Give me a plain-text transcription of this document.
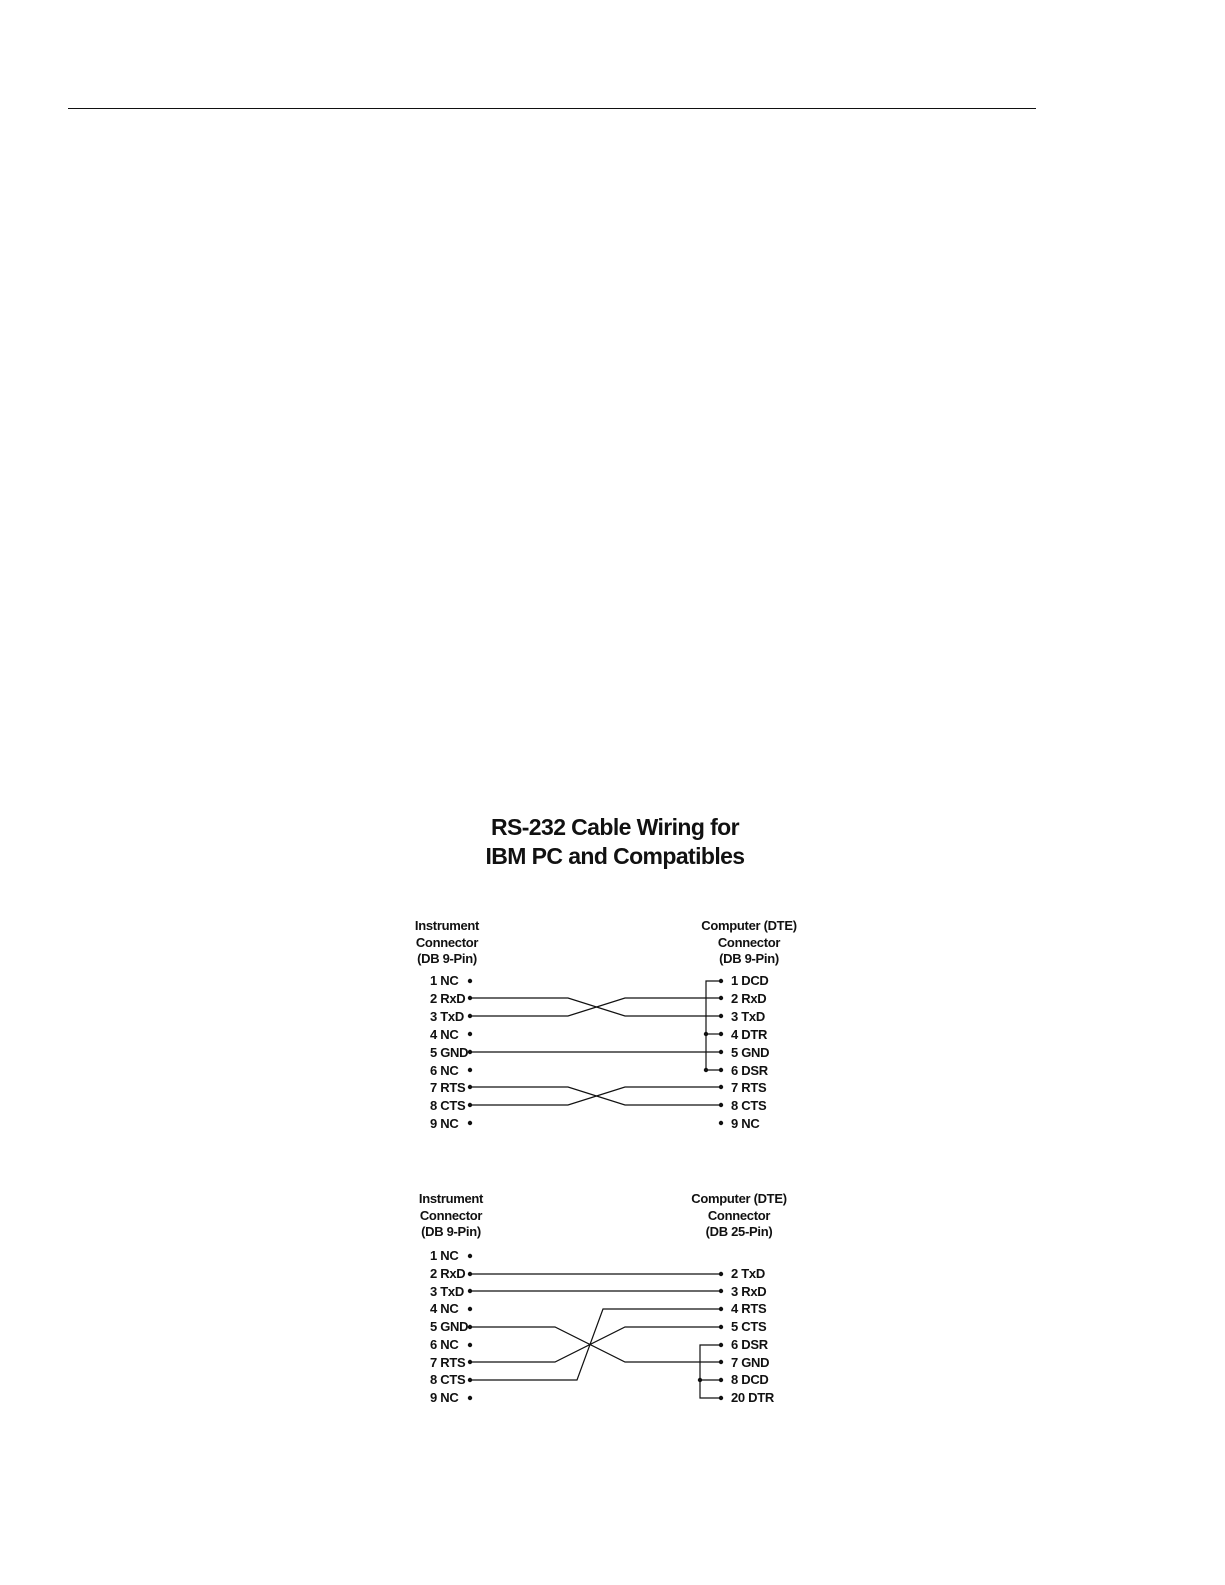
RS-232 Cable Wiring for
IBM PC and Compatibles
Instrument
Connector
(DB 9-Pin)
Computer (DTE)
Connector
(DB 9-Pin)
1 NC
2 RxD
3 TxD
4 NC
5 GND
6 NC
7 RTS
8 CTS
9 NC
1 DCD
2 RxD
3 TxD
4 DTR
5 GND
6 DSR
7 RTS
8 CTS
9 NC
Instrument
Connector
(DB 9-Pin)
Computer (DTE)
Connector
(DB 25-Pin)
1 NC
2 RxD
3 TxD
4 NC
5 GND
6 NC
7 RTS
8 CTS
9 NC
2 TxD
3 RxD
4 RTS
5 CTS
6 DSR
7 GND
8 DCD
20 DTR
